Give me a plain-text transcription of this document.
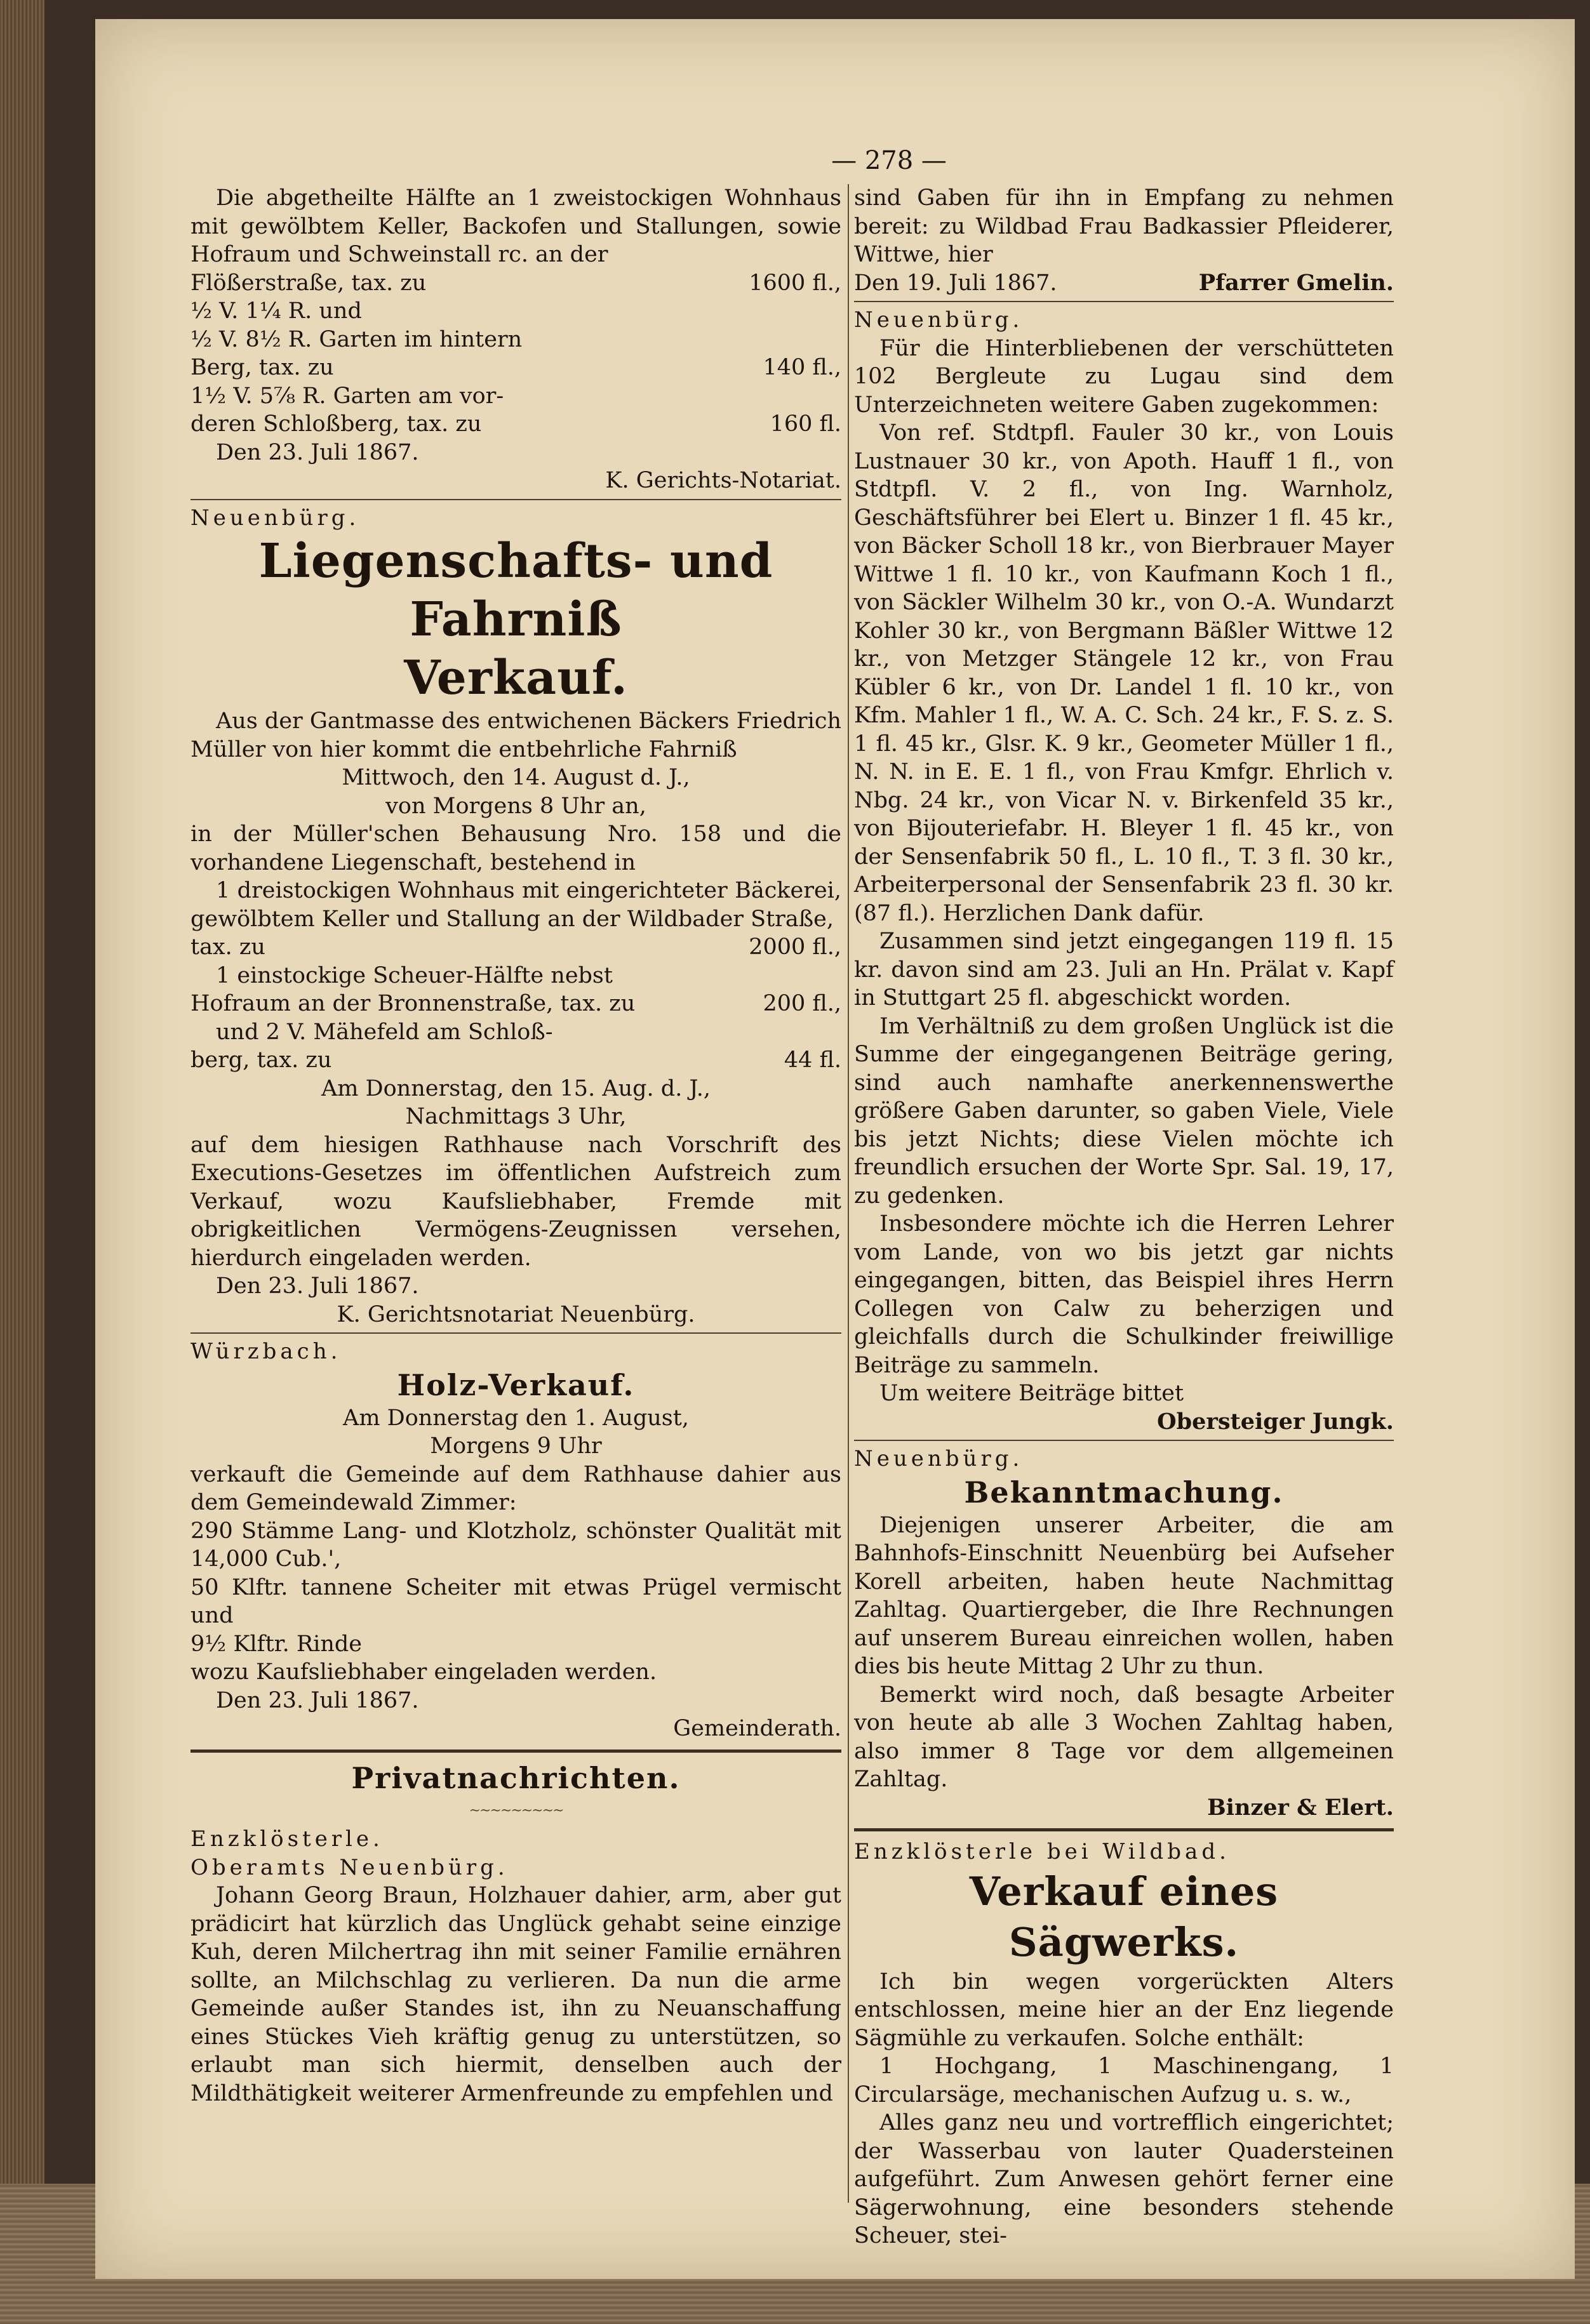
— 278 —

Die abgetheilte Hälfte an 1 zweistockigen Wohnhaus mit gewölbtem Keller, Backofen und Stallungen, sowie Hofraum und Schweinstall rc. an der

Flößerstraße, tax. zu	1600 fl.,

½ V. 1¼ R. und

½ V. 8½ R. Garten im hintern

Berg, tax. zu	140 fl.,

1½ V. 5⅞ R. Garten am vor-

deren Schloßberg, tax. zu	160 fl.

Den 23. Juli 1867.

K. Gerichts-Notariat.

Neuenbürg.

Liegenschafts- und Fahrniß
Verkauf.

Aus der Gantmasse des entwichenen Bäckers Friedrich Müller von hier kommt die entbehrliche Fahrniß

Mittwoch, den 14. August d. J.,

von Morgens 8 Uhr an,

in der Müller'schen Behausung Nro. 158 und die vorhandene Liegenschaft, bestehend in

1 dreistockigen Wohnhaus mit eingerichteter Bäckerei, gewölbtem Keller und Stallung an der Wildbader Straße,

tax. zu	2000 fl.,

1 einstockige Scheuer-Hälfte nebst

Hofraum an der Bronnenstraße, tax. zu	200 fl.,

und 2 V. Mähefeld am Schloß-

berg, tax. zu	44 fl.

Am Donnerstag, den 15. Aug. d. J.,

Nachmittags 3 Uhr,

auf dem hiesigen Rathhause nach Vorschrift des Executions-Gesetzes im öffentlichen Aufstreich zum Verkauf, wozu Kaufsliebhaber, Fremde mit obrigkeitlichen Vermögens-Zeugnissen versehen, hierdurch eingeladen werden.

Den 23. Juli 1867.

K. Gerichtsnotariat Neuenbürg.

Würzbach.

Holz-Verkauf.

Am Donnerstag den 1. August,

Morgens 9 Uhr

verkauft die Gemeinde auf dem Rathhause dahier aus dem Gemeindewald Zimmer:

290 Stämme Lang- und Klotzholz, schönster Qualität mit 14,000 Cub.',

50 Klftr. tannene Scheiter mit etwas Prügel vermischt und

9½ Klftr. Rinde

wozu Kaufsliebhaber eingeladen werden.

Den 23. Juli 1867.

Gemeinderath.

Privatnachrichten.
~~~~~~~~~

Enzklösterle.

Oberamts Neuenbürg.

Johann Georg Braun, Holzhauer dahier, arm, aber gut prädicirt hat kürzlich das Unglück gehabt seine einzige Kuh, deren Milchertrag ihn mit seiner Familie ernähren sollte, an Milchschlag zu verlieren. Da nun die arme Gemeinde außer Standes ist, ihn zu Neuanschaffung eines Stückes Vieh kräftig genug zu unterstützen, so erlaubt man sich hiermit, denselben auch der Mildthätigkeit weiterer Armenfreunde zu empfehlen und

sind Gaben für ihn in Empfang zu nehmen bereit: zu Wildbad Frau Badkassier Pfleiderer, Wittwe, hier

Den 19. Juli 1867.	Pfarrer Gmelin.

Neuenbürg.

Für die Hinterbliebenen der verschütteten 102 Bergleute zu Lugau sind dem Unterzeichneten weitere Gaben zugekommen:

Von ref. Stdtpfl. Fauler 30 kr., von Louis Lustnauer 30 kr., von Apoth. Hauff 1 fl., von Stdtpfl. V. 2 fl., von Ing. Warnholz, Geschäftsführer bei Elert u. Binzer 1 fl. 45 kr., von Bäcker Scholl 18 kr., von Bierbrauer Mayer Wittwe 1 fl. 10 kr., von Kaufmann Koch 1 fl., von Säckler Wilhelm 30 kr., von O.-A. Wundarzt Kohler 30 kr., von Bergmann Bäßler Wittwe 12 kr., von Metzger Stängele 12 kr., von Frau Kübler 6 kr., von Dr. Landel 1 fl. 10 kr., von Kfm. Mahler 1 fl., W. A. C. Sch. 24 kr., F. S. z. S. 1 fl. 45 kr., Glsr. K. 9 kr., Geometer Müller 1 fl., N. N. in E. E. 1 fl., von Frau Kmfgr. Ehrlich v. Nbg. 24 kr., von Vicar N. v. Birkenfeld 35 kr., von Bijouteriefabr. H. Bleyer 1 fl. 45 kr., von der Sensenfabrik 50 fl., L. 10 fl., T. 3 fl. 30 kr., Arbeiterpersonal der Sensenfabrik 23 fl. 30 kr. (87 fl.). Herzlichen Dank dafür.

Zusammen sind jetzt eingegangen 119 fl. 15 kr. davon sind am 23. Juli an Hn. Prälat v. Kapf in Stuttgart 25 fl. abgeschickt worden.

Im Verhältniß zu dem großen Unglück ist die Summe der eingegangenen Beiträge gering, sind auch namhafte anerkennenswerthe größere Gaben darunter, so gaben Viele, Viele bis jetzt Nichts; diese Vielen möchte ich freundlich ersuchen der Worte Spr. Sal. 19, 17, zu gedenken.

Insbesondere möchte ich die Herren Lehrer vom Lande, von wo bis jetzt gar nichts eingegangen, bitten, das Beispiel ihres Herrn Collegen von Calw zu beherzigen und gleichfalls durch die Schulkinder freiwillige Beiträge zu sammeln.

Um weitere Beiträge bittet

Obersteiger Jungk.

Neuenbürg.

Bekanntmachung.

Diejenigen unserer Arbeiter, die am Bahnhofs-Einschnitt Neuenbürg bei Aufseher Korell arbeiten, haben heute Nachmittag Zahltag. Quartiergeber, die Ihre Rechnungen auf unserem Bureau einreichen wollen, haben dies bis heute Mittag 2 Uhr zu thun.

Bemerkt wird noch, daß besagte Arbeiter von heute ab alle 3 Wochen Zahltag haben, also immer 8 Tage vor dem allgemeinen Zahltag.

Binzer & Elert.

Enzklösterle bei Wildbad.

Verkauf eines Sägwerks.

Ich bin wegen vorgerückten Alters entschlossen, meine hier an der Enz liegende Sägmühle zu verkaufen. Solche enthält:

1 Hochgang, 1 Maschinengang, 1 Circularsäge, mechanischen Aufzug u. s. w.,

Alles ganz neu und vortrefflich eingerichtet; der Wasserbau von lauter Quadersteinen aufgeführt. Zum Anwesen gehört ferner eine Sägerwohnung, eine besonders stehende Scheuer, stei-
